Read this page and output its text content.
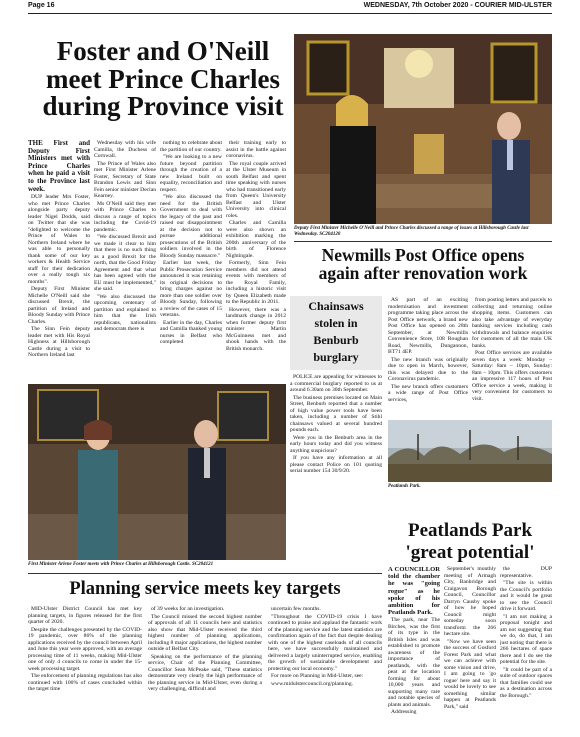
Page 16	WEDNESDAY, 7th October 2020 - COURIER MID-ULSTER
Foster and O'Neill
meet Prince Charles
during Province visit

THE First and Deputy First Ministers met with Prince Charles when he paid a visit to the Province last week.

DUP leader Mrs Foster, who met Prince Charles alongside party deputy leader Nigel Dodds, said on Twitter that she was "delighted to welcome the Prince of Wales to Northern Ireland where he was able to personally thank some of our key workers & Health Service staff for their dedication over a really tough six months".

Deputy First Minister Michelle O'Neill said she discussed Brexit, the partition of Ireland and Bloody Sunday with Prince Charles.

The Sinn Fein deputy leader met with His Royal Highness at Hillsborough Castle during a visit to Northern Ireland last

Wednesday with his wife Camilla, the Duchess of Cornwall.

The Prince of Wales also met First Minister Arlene Foster, Secretary of State Brandon Lewis and Sinn Fein senior minister Declan Kearney.

Ms O'Neill said they met with Prince Charles to discuss a range of topics including the Covid-19 pandemic.

"We discussed Brexit and we made it clear to him that there is no such thing as a good Brexit for the north, that the Good Friday Agreement and that what has been agreed with the EU must be implemented," she said.

"We also discussed the upcoming centenary of partition and explained to him that the Irish republicans, nationalists and democrats there is

nothing to celebrate about the partition of our country.

"We are looking to a new future beyond partition through the creation of a new Ireland built on equality, reconciliation and respect.

"We also discussed the need for the British Government to deal with the legacy of the past and raised our disappointment at the decision not to pursue additional prosecutions of the British soldiers involved in the Bloody Sunday massacre."

Earlier last week, the Public Prosecution Service announced it was retaining its original decisions to bring charges against no more than one soldier over Bloody Sunday, following a review of the cases of 15 veterans.

Earlier in the day, Charles and Camilla thanked young nurses in Belfast who completed

their training early to assist in the battle against coronavirus.

The royal couple arrived at the Ulster Museum in south Belfast and spent time speaking with nurses who had transitioned early from Queen's University Belfast and Ulster University into clinical roles.

Charles and Camilla were also shown an exhibition marking the 200th anniversary of the birth of Florence Nightingale.

Formerly, Sinn Fein members did not attend events with members of the Royal Family, including a historic visit by Queen Elizabeth made to the Republic in 2011.

However, there was a landmark change in 2012 when former deputy first minister Martin McGuinness met and shook hands with the British monarch.

Deputy First Minister Michelle O'Neill and Prince Charles discussed a range of issues at Hillsborough Castle last Wednesday. SC204120
Newmills Post Office opens
again after renovation work

AS part of an exciting modernisation and investment programme taking place across the Post Office network, a brand new Post Office has opened on 28th September, at Newmills Convenience Store, 108 Roughan Road, Newmills, Dungannon, BT71 4EP.

The new branch was originally due to open in March, however, this was delayed due to the Coronavirus pandemic.

The new branch offers customers a wide range of Post Office services,

from posting letters and parcels to collecting and returning online shopping items. Customers can also take advantage of everyday banking services including cash withdrawals and balance enquiries for customers of all the main UK banks.

Post Office services are available seven days a week: Monday – Saturday: 8am – 10pm, Sunday: 8am – 10pm. This offers customers an impressive 117 hours of Post Office service a week, making it very convenient for customers to visit.

Chainsaws
stolen in
Benburb
burglary

POLICE are appealing for witnesses to a commercial burglary reported to us at around 6.30am on 30th September.

The business premises located on Main Street, Benburb reported that a number of high value power tools have been taken, including a number of Stihl chainsaws valued at several hundred pounds each.

Were you in the Benburb area in the early hours today and did you witness anything suspicious?

If you have any information at all please contact Police on 101 quoting serial number 154 30/9/20.

Peatlands Park.
Peatlands Park
'great potential'
First Minister Arlene Foster meets with Prince Charles at Hillsborough Castle. SC204121

A COUNCILLOR told the chamber he was "going rogue" as he spoke of his ambition for Peatlands Park.

The park, near The Birches, was the first of its type in the British Isles and was established to promote awareness of the importance of peatlands, with the peat at the location forming for about 10,000 years and supporting many rare and notable species of plants and animals.

Addressing

September's monthly meeting of Armagh City, Banbridge and Craigavon Borough Council, Councillor Darryn Causby spoke of how he hoped Council might someday soon transform the 266 hectare site.

"Now we have seen the success of Gosford Forest Park and what we can achieve with some vision and drive, I am going to 'go rogue' here and say it would be lovely to see something similar happen at Peatlands Park," said

the DUP representative.

"The site is within the Council's portfolio and it would be great to see the Council drive it forward.

"I am not making a proposal tonight and am not suggesting that we do, do that, I am just noting that there is 266 hectares of space there and I do see the potential for the site.

"It could be part of a suite of outdoor spaces that families could use as a destination across the Borough."

Planning service meets key targets

MID-Ulster District Council has met key planning targets, in figures released for the first quarter of 2020.

Despite the challenges presented by the COVID-19 pandemic, over 86% of the planning applications received by the council between April and June this year were approved, with an average processing time of 11 weeks, making Mid-Ulster one of only 4 councils to come in under the 15-week processing target.

The enforcement of planning regulations has also continued with 100% of cases concluded within the target time

of 39 weeks for an investigation.

The Council missed the second highest number of approvals of all 11 councils here and statistics also show that Mid-Ulster received the third highest number of planning applications, including 8 major applications, the highest number outside of Belfast City.

Speaking on the performance of the planning service, Chair of the Planning Committee, Councillor Sean McPeake said, "These statistics demonstrate very clearly the high performance of the planning service in Mid-Ulster, even during a very challenging, difficult and

uncertain few months.

"Throughout the COVID-19 crisis I have continued to praise and applaud the fantastic work of the planning service and the latest statistics are confirmation again of the fact that despite dealing with one of the highest caseloads of all councils here, we have successfully maintained and delivered a largely uninterrupted service, enabling the growth of sustainable development and protecting our local economy."

For more on Planning in Mid-Ulster, see:

www.midulstercouncil.org/planning.
